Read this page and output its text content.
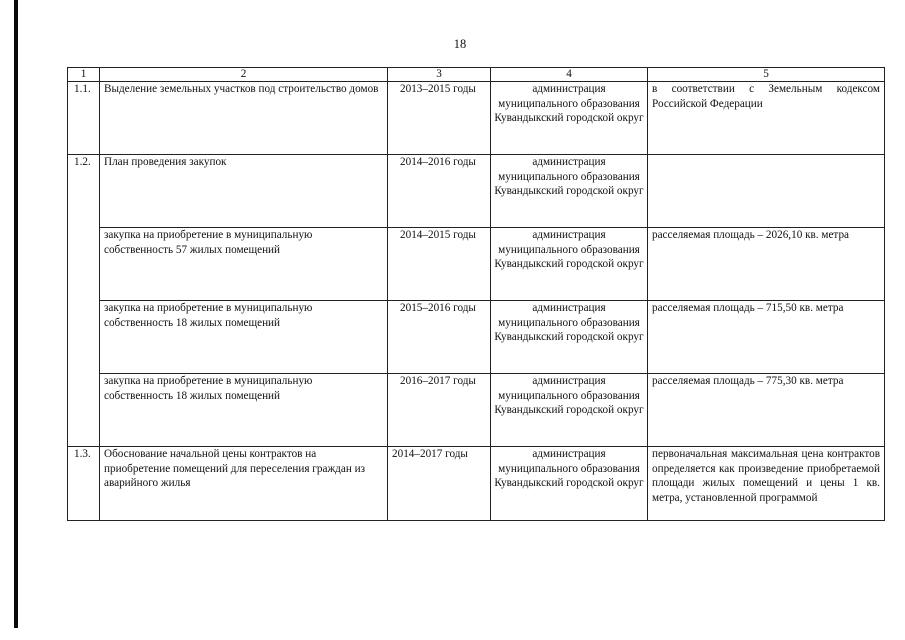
18
1	2	3	4	5
1.1.	Выделение земельных участков под строительство домов	2013–2015 годы	администрация муниципального образования Кувандыкский городской округ	в соответствии с Земельным кодексом Российской Федерации
1.2.	План проведения закупок	2014–2016 годы	администрация муниципального образования Кувандыкский городской округ	
	закупка на приобретение в муниципальную собственность 57 жилых помещений	2014–2015 годы	администрация муниципального образования Кувандыкский городской округ	расселяемая площадь – 2026,10 кв. метра
	закупка на приобретение в муниципальную собственность 18 жилых помещений	2015–2016 годы	администрация муниципального образования Кувандыкский городской округ	расселяемая площадь – 715,50 кв. метра
	закупка на приобретение в муниципальную собственность 18 жилых помещений	2016–2017 годы	администрация муниципального образования Кувандыкский городской округ	расселяемая площадь – 775,30 кв. метра
1.3.	Обоснование начальной цены контрактов на приобретение помещений для переселения граждан из аварийного жилья	2014–2017 годы	администрация муниципального образования Кувандыкский городской округ	первоначальная максимальная цена контрактов определяется как произведение приобретаемой площади жилых помещений и цены 1 кв. метра, установленной программой
